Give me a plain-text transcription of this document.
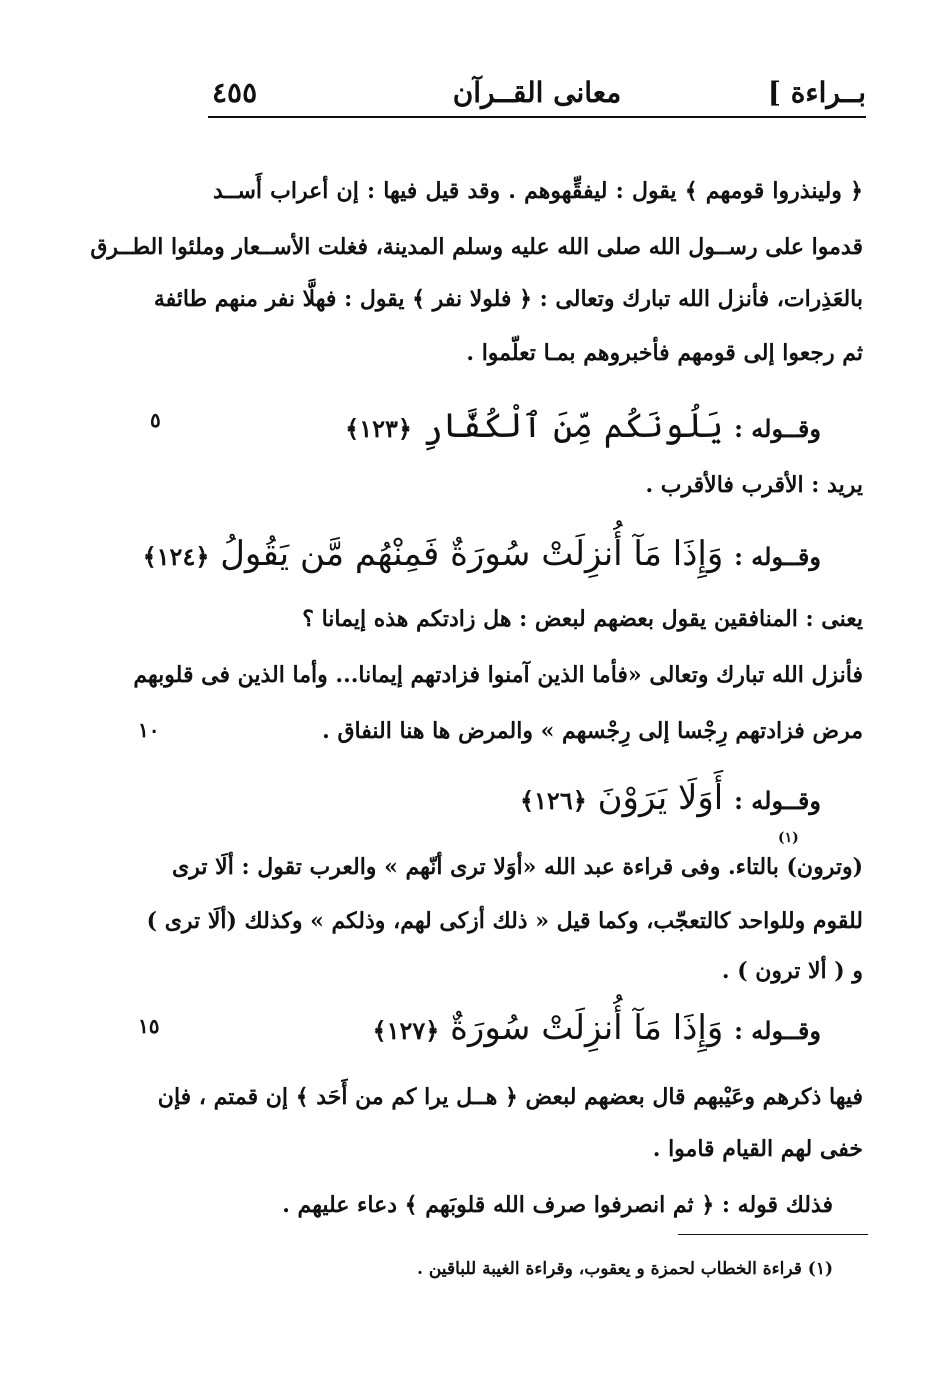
بــراءة ]
معانى القــرآن
٤٥٥
﴿ ولينذروا قومهم ﴾ يقول : ليفقِّهوهم . وقد قيل فيها : إن أعراب أَســد
قدموا على رســول الله صلى الله عليه وسلم المدينة، فغلت الأســعار وملئوا الطــرق
بالعَذِرات، فأنزل الله تبارك وتعالى : ﴿ فلولا نفر ﴾ يقول : فهلَّا نفر منهم طائفة
ثم رجعوا إلى قومهم فأخبروهم بمـا تعلّموا .
وقــوله : يَلُونَكُم مِّنَ ٱلْكُفَّارِ ﴿١٢٣﴾
٥
يريد : الأقرب فالأقرب .
وقــوله : وَإِذَا مَآ أُنزِلَتْ سُورَةٌ فَمِنْهُم مَّن يَقُولُ ﴿١٢٤﴾
يعنى : المنافقين يقول بعضهم لبعض : هل زادتكم هذه إيمانا ؟
فأنزل الله تبارك وتعالى «فأما الذين آمنوا فزادتهم إيمانا... وأما الذين فى قلوبهم
مرض فزادتهم رِجْسا إلى رِجْسهم » والمرض ها هنا النفاق .
١٠
وقــوله : أَوَلَا يَرَوْنَ ﴿١٢٦﴾
(١)
(وترون) بالتاء. وفى قراءة عبد الله «أوَلا ترى أنّهم » والعرب تقول : ألَا ترى
للقوم وللواحد كالتعجّب، وكما قيل « ذلك أزكى لهم، وذلكم » وكذلك (ألَا ترى )
و ( ألا ترون ) .
وقــوله : وَإِذَا مَآ أُنزِلَتْ سُورَةٌ ﴿١٢٧﴾
١٥
فيها ذكرهم وعَيْبهم قال بعضهم لبعض ﴿ هــل يرا كم من أَحَد ﴾ إن قمتم ، فإن
خفى لهم القيام قاموا .
فذلك قوله : ﴿ ثم انصرفوا صرف الله قلوبَهم ﴾ دعاء عليهم .
(١) قراءة الخطاب لحمزة و يعقوب، وقراءة الغيبة للباقين .
